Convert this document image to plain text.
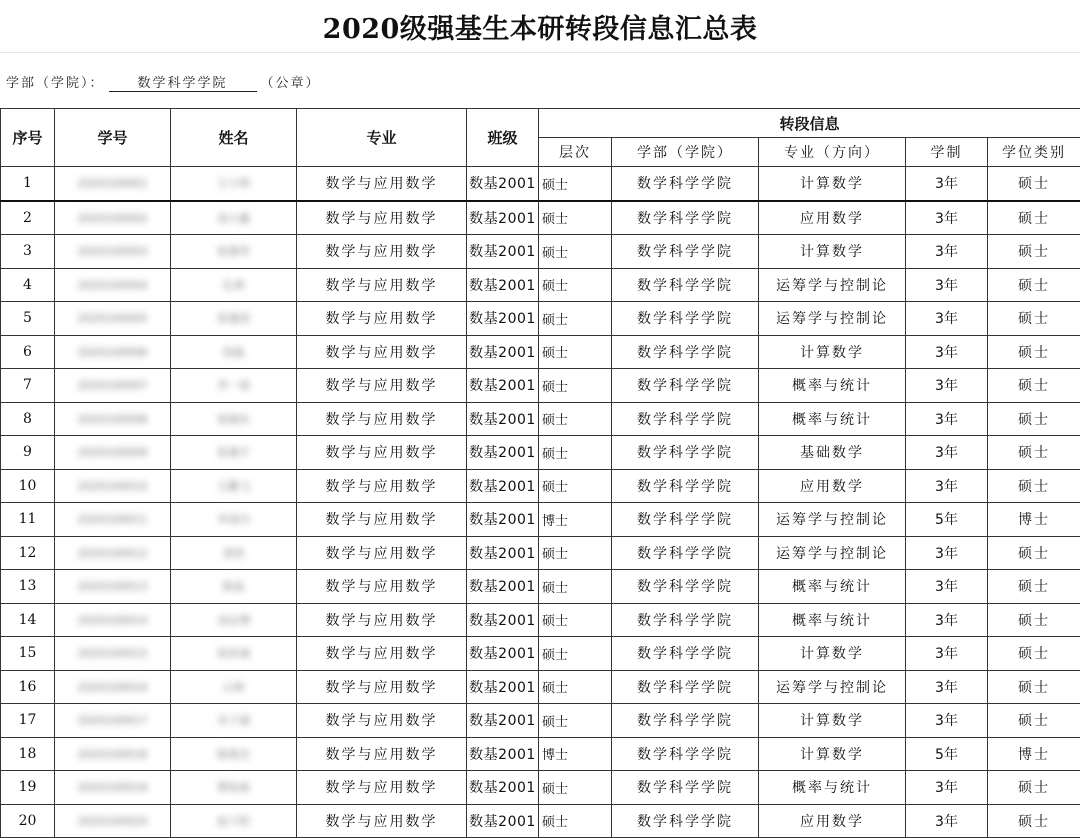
2020级强基生本研转段信息汇总表
学部（学院）：	数学科学学院	（公章）
序号	学号	姓名	专业	班级	转段信息				
					层次	学部（学院）	专业（方向）	学制	学位类别
1	2020100001	王小明	数学与应用数学	数基2001	硕士	数学科学学院	计算数学	3年	硕士
2	2020100002	高小鑫	数学与应用数学	数基2001	硕士	数学科学学院	应用数学	3年	硕士
3	2020100003	张德华	数学与应用数学	数基2001	硕士	数学科学学院	计算数学	3年	硕士
4	2020100004	孔舜	数学与应用数学	数基2001	硕士	数学科学学院	运筹学与控制论	3年	硕士
5	2020100005	张建清	数学与应用数学	数基2001	硕士	数学科学学院	运筹学与控制论	3年	硕士
6	2020100006	徐磊	数学与应用数学	数基2001	硕士	数学科学学院	计算数学	3年	硕士
7	2020100007	李一诺	数学与应用数学	数基2001	硕士	数学科学学院	概率与统计	3年	硕士
8	2020100008	张晓东	数学与应用数学	数基2001	硕士	数学科学学院	概率与统计	3年	硕士
9	2020100009	张建平	数学与应用数学	数基2001	硕士	数学科学学院	基础数学	3年	硕士
10	2020100010	王鹏飞	数学与应用数学	数基2001	硕士	数学科学学院	应用数学	3年	硕士
11	2020100011	李成功	数学与应用数学	数基2001	博士	数学科学学院	运筹学与控制论	5年	博士
12	2020100012	黄然	数学与应用数学	数基2001	硕士	数学科学学院	运筹学与控制论	3年	硕士
13	2020100013	陈晶	数学与应用数学	数基2001	硕士	数学科学学院	概率与统计	3年	硕士
14	2020100014	刘志博	数学与应用数学	数基2001	硕士	数学科学学院	概率与统计	3年	硕士
15	2020100015	徐浩诚	数学与应用数学	数基2001	硕士	数学科学学院	计算数学	3年	硕士
16	2020100016	山林	数学与应用数学	数基2001	硕士	数学科学学院	运筹学与控制论	3年	硕士
17	2020100017	宋子涵	数学与应用数学	数基2001	硕士	数学科学学院	计算数学	3年	硕士
18	2020100018	陈俊杰	数学与应用数学	数基2001	博士	数学科学学院	计算数学	5年	博士
19	2020100019	蔡如森	数学与应用数学	数基2001	硕士	数学科学学院	概率与统计	3年	硕士
20	2020100020	赵子阳	数学与应用数学	数基2001	硕士	数学科学学院	应用数学	3年	硕士
